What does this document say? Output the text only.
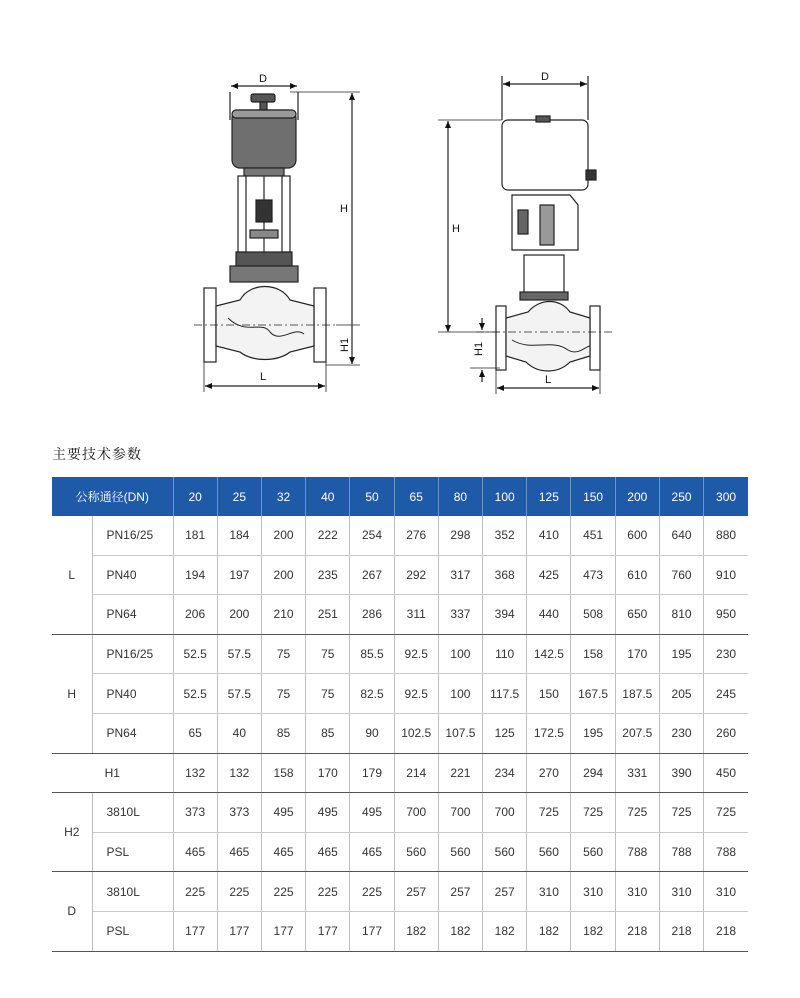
D
H
H1
L
D
H
H1
L
主要技术参数
公称通径(DN)		20	25	32	40	50	65	80	100	125	150	200	250	300
L	PN16/25	181	184	200	222	254	276	298	352	410	451	600	640	880
	PN40	194	197	200	235	267	292	317	368	425	473	610	760	910
	PN64	206	200	210	251	286	311	337	394	440	508	650	810	950
H	PN16/25	52.5	57.5	75	75	85.5	92.5	100	110	142.5	158	170	195	230
	PN40	52.5	57.5	75	75	82.5	92.5	100	117.5	150	167.5	187.5	205	245
	PN64	65	40	85	85	90	102.5	107.5	125	172.5	195	207.5	230	260
H1		132	132	158	170	179	214	221	234	270	294	331	390	450
H2	3810L	373	373	495	495	495	700	700	700	725	725	725	725	725
	PSL	465	465	465	465	465	560	560	560	560	560	788	788	788
D	3810L	225	225	225	225	225	257	257	257	310	310	310	310	310
	PSL	177	177	177	177	177	182	182	182	182	182	218	218	218
